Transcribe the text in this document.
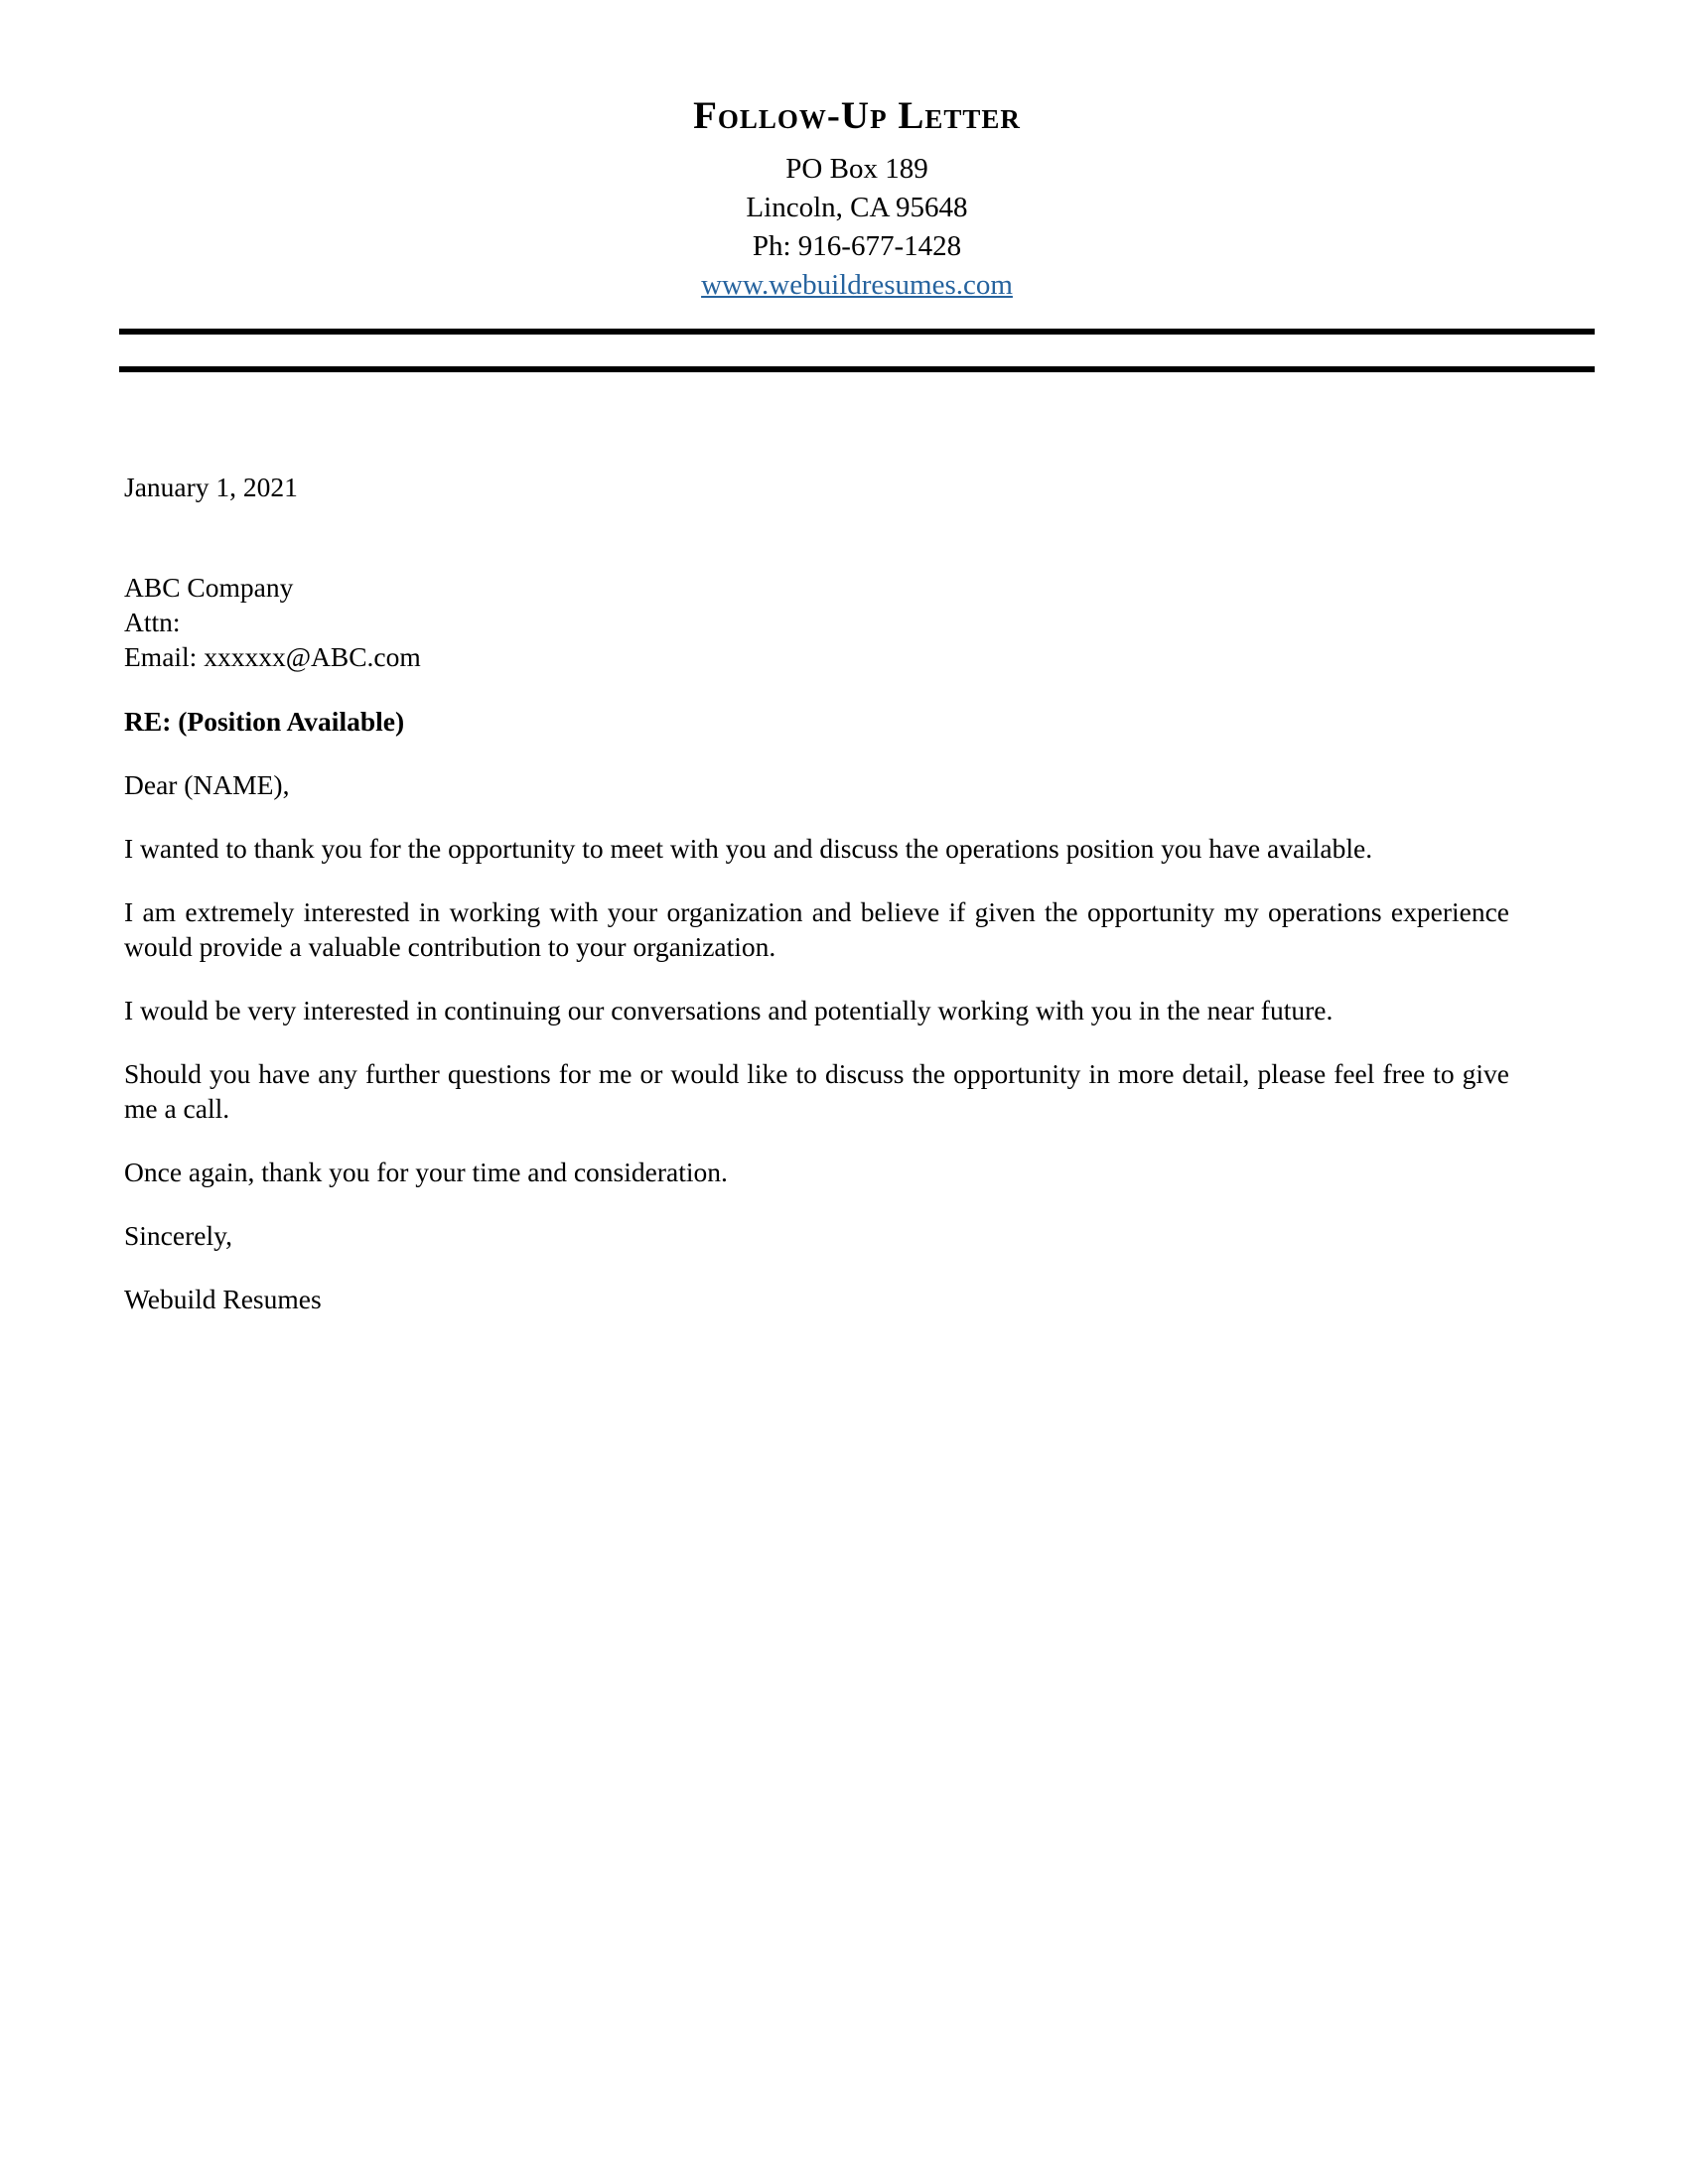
Follow-Up Letter
PO Box 189
Lincoln, CA 95648
Ph: 916-677-1428
www.webuildresumes.com

January 1, 2021

ABC Company
Attn:
Email: xxxxxx@ABC.com

RE: (Position Available)

Dear (NAME),

I wanted to thank you for the opportunity to meet with you and discuss the operations position you have available.

I am extremely interested in working with your organization and believe if given the opportunity my operations experience would provide a valuable contribution to your organization.

I would be very interested in continuing our conversations and potentially working with you in the near future.

Should you have any further questions for me or would like to discuss the opportunity in more detail, please feel free to give me a call.

Once again, thank you for your time and consideration.

Sincerely,

Webuild Resumes
